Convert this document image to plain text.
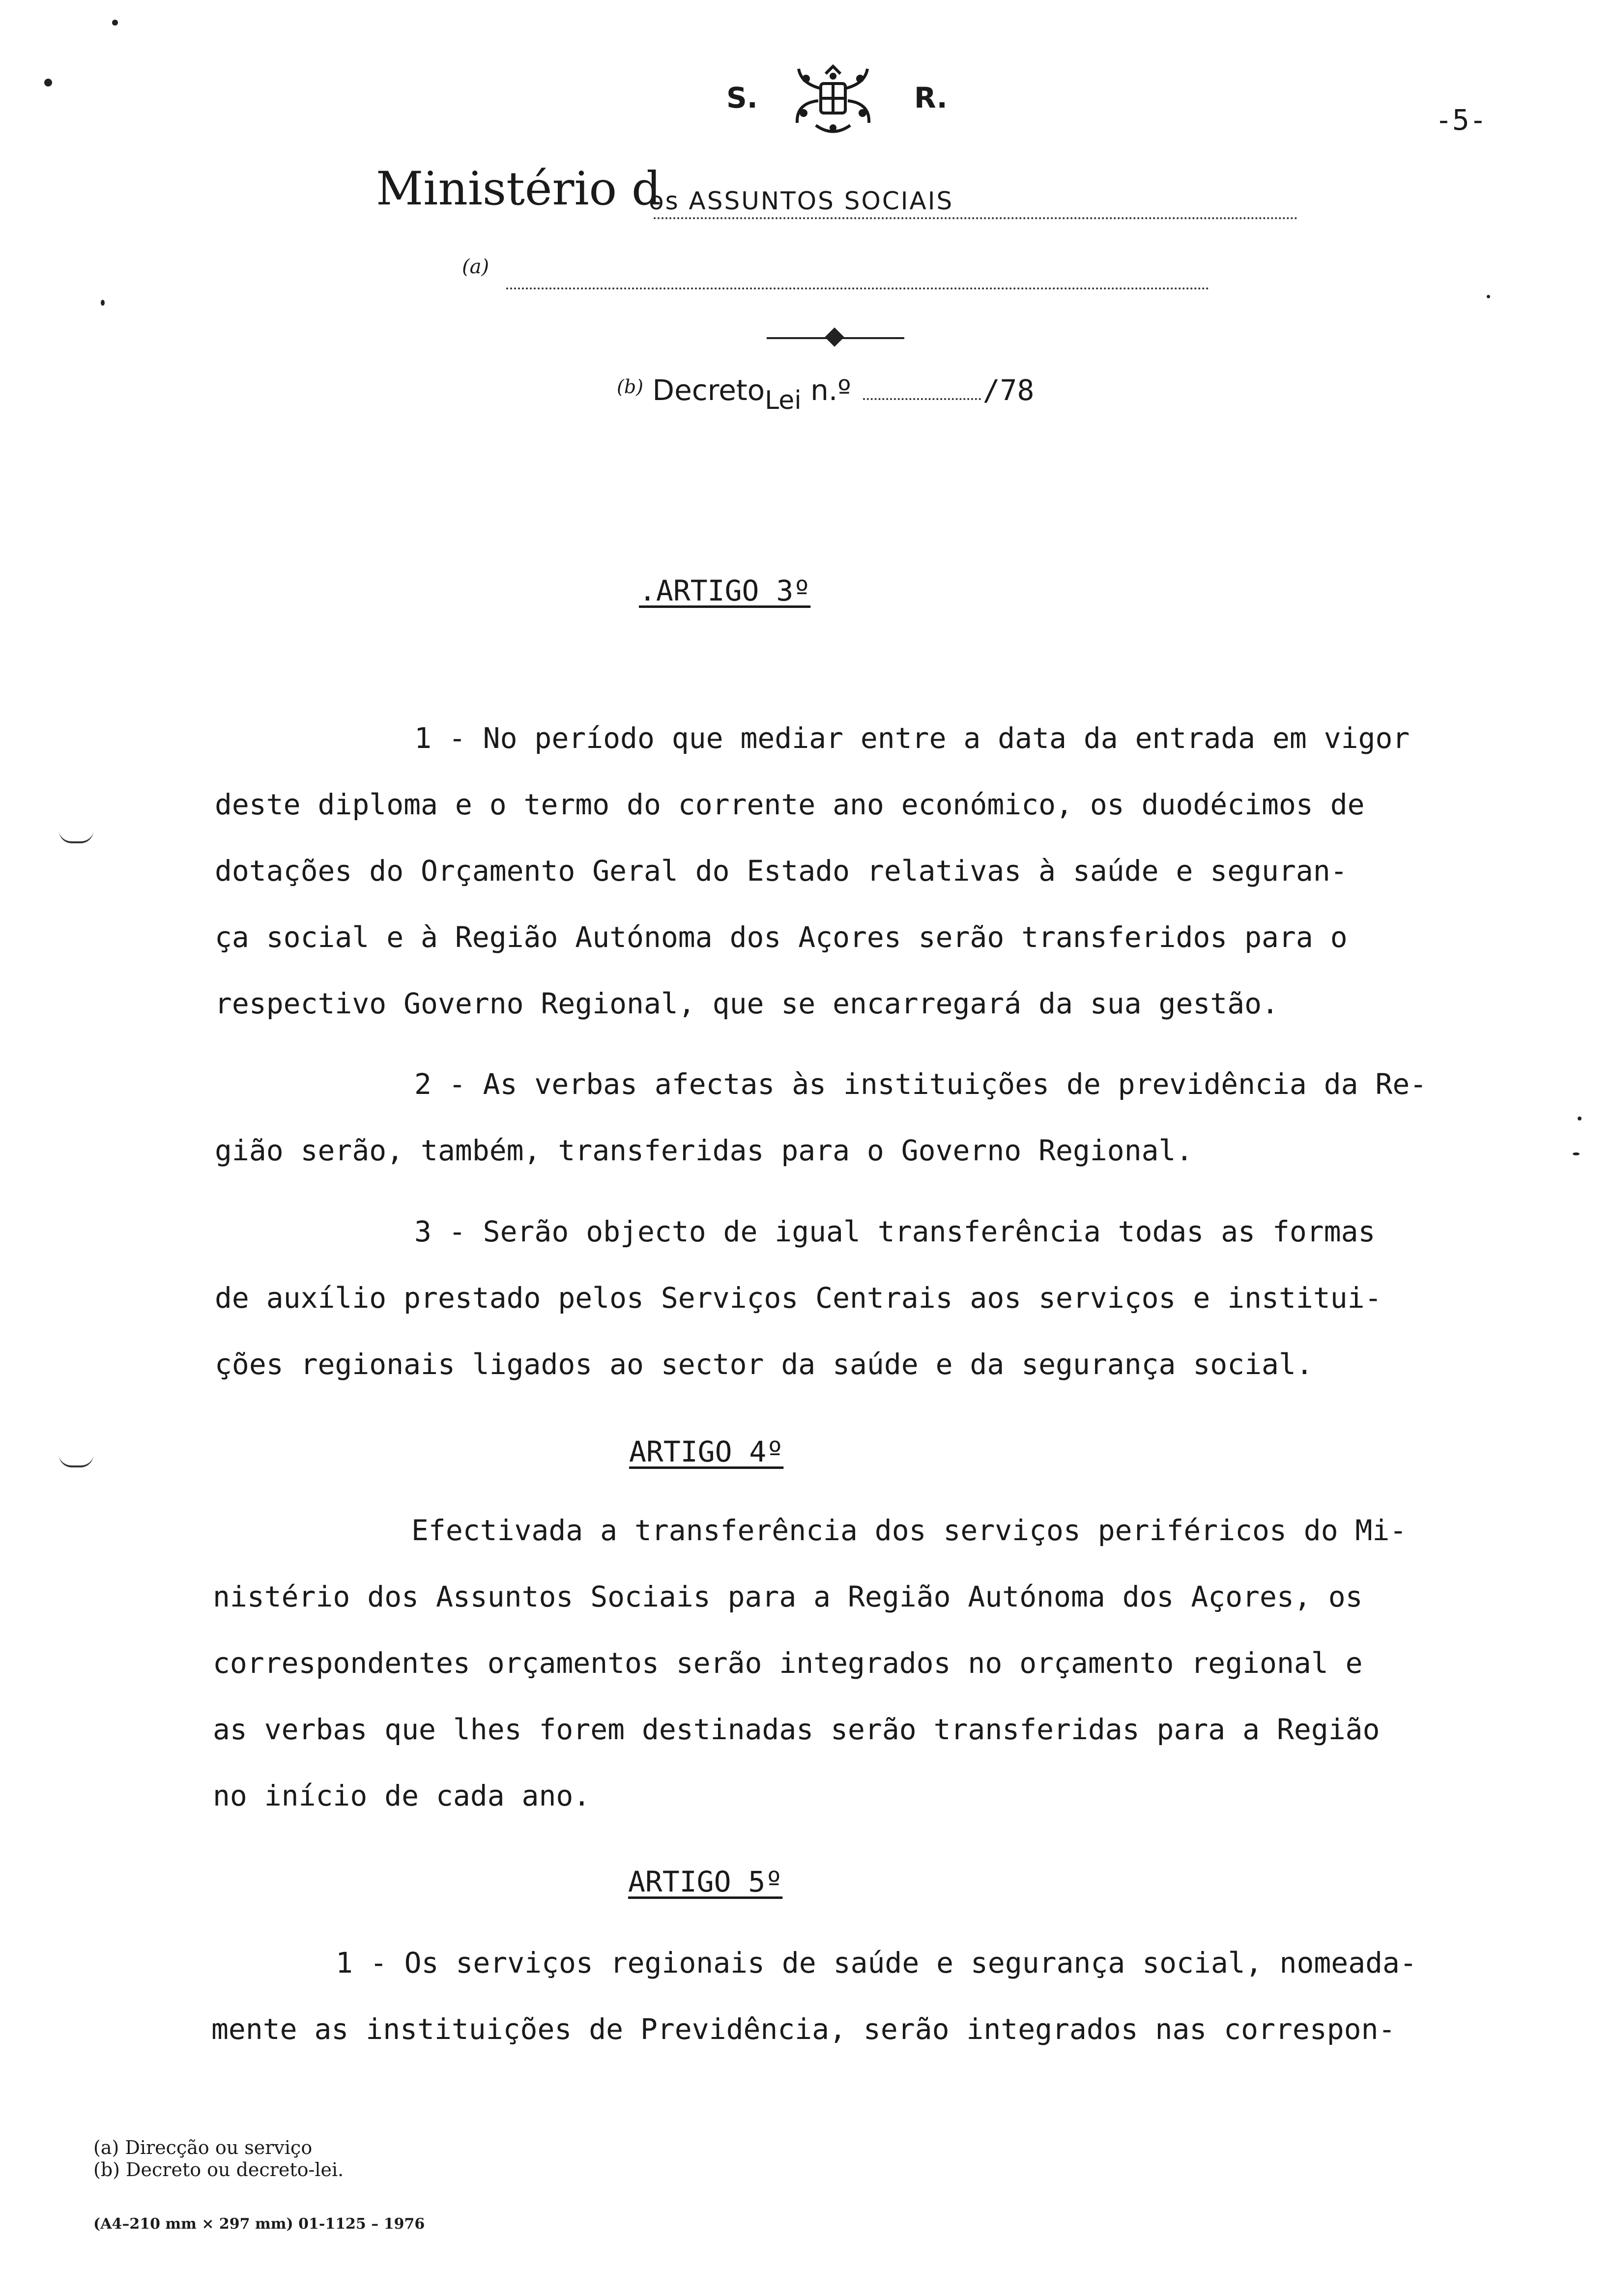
S.	R.
-5-
Ministério d
os ASSUNTOS SOCIAIS
(a)
$^{(b)}$ DecretoLei n.º	/78
.ARTIGO 3º
1 - No período que mediar entre a data da entrada em vigor
deste diploma e o termo do corrente ano económico, os duodécimos de
dotações do Orçamento Geral do Estado relativas à saúde e seguran-
ça social e à Região Autónoma dos Açores serão transferidos para o
respectivo Governo Regional, que se encarregará da sua gestão.
2 - As verbas afectas às instituições de previdência da Re-
gião serão, também, transferidas para o Governo Regional.
3 - Serão objecto de igual transferência todas as formas
de auxílio prestado pelos Serviços Centrais aos serviços e institui-
ções regionais ligados ao sector da saúde e da segurança social.
ARTIGO 4º
Efectivada a transferência dos serviços periféricos do Mi-
nistério dos Assuntos Sociais para a Região Autónoma dos Açores, os
correspondentes orçamentos serão integrados no orçamento regional e
as verbas que lhes forem destinadas serão transferidas para a Região
no início de cada ano.
ARTIGO 5º
1 - Os serviços regionais de saúde e segurança social, nomeada-
mente as instituições de Previdência, serão integrados nas correspon-
(a) Direcção ou serviço
(b) Decreto ou decreto-lei.
(A4–210 mm × 297 mm) 01-1125 – 1976
